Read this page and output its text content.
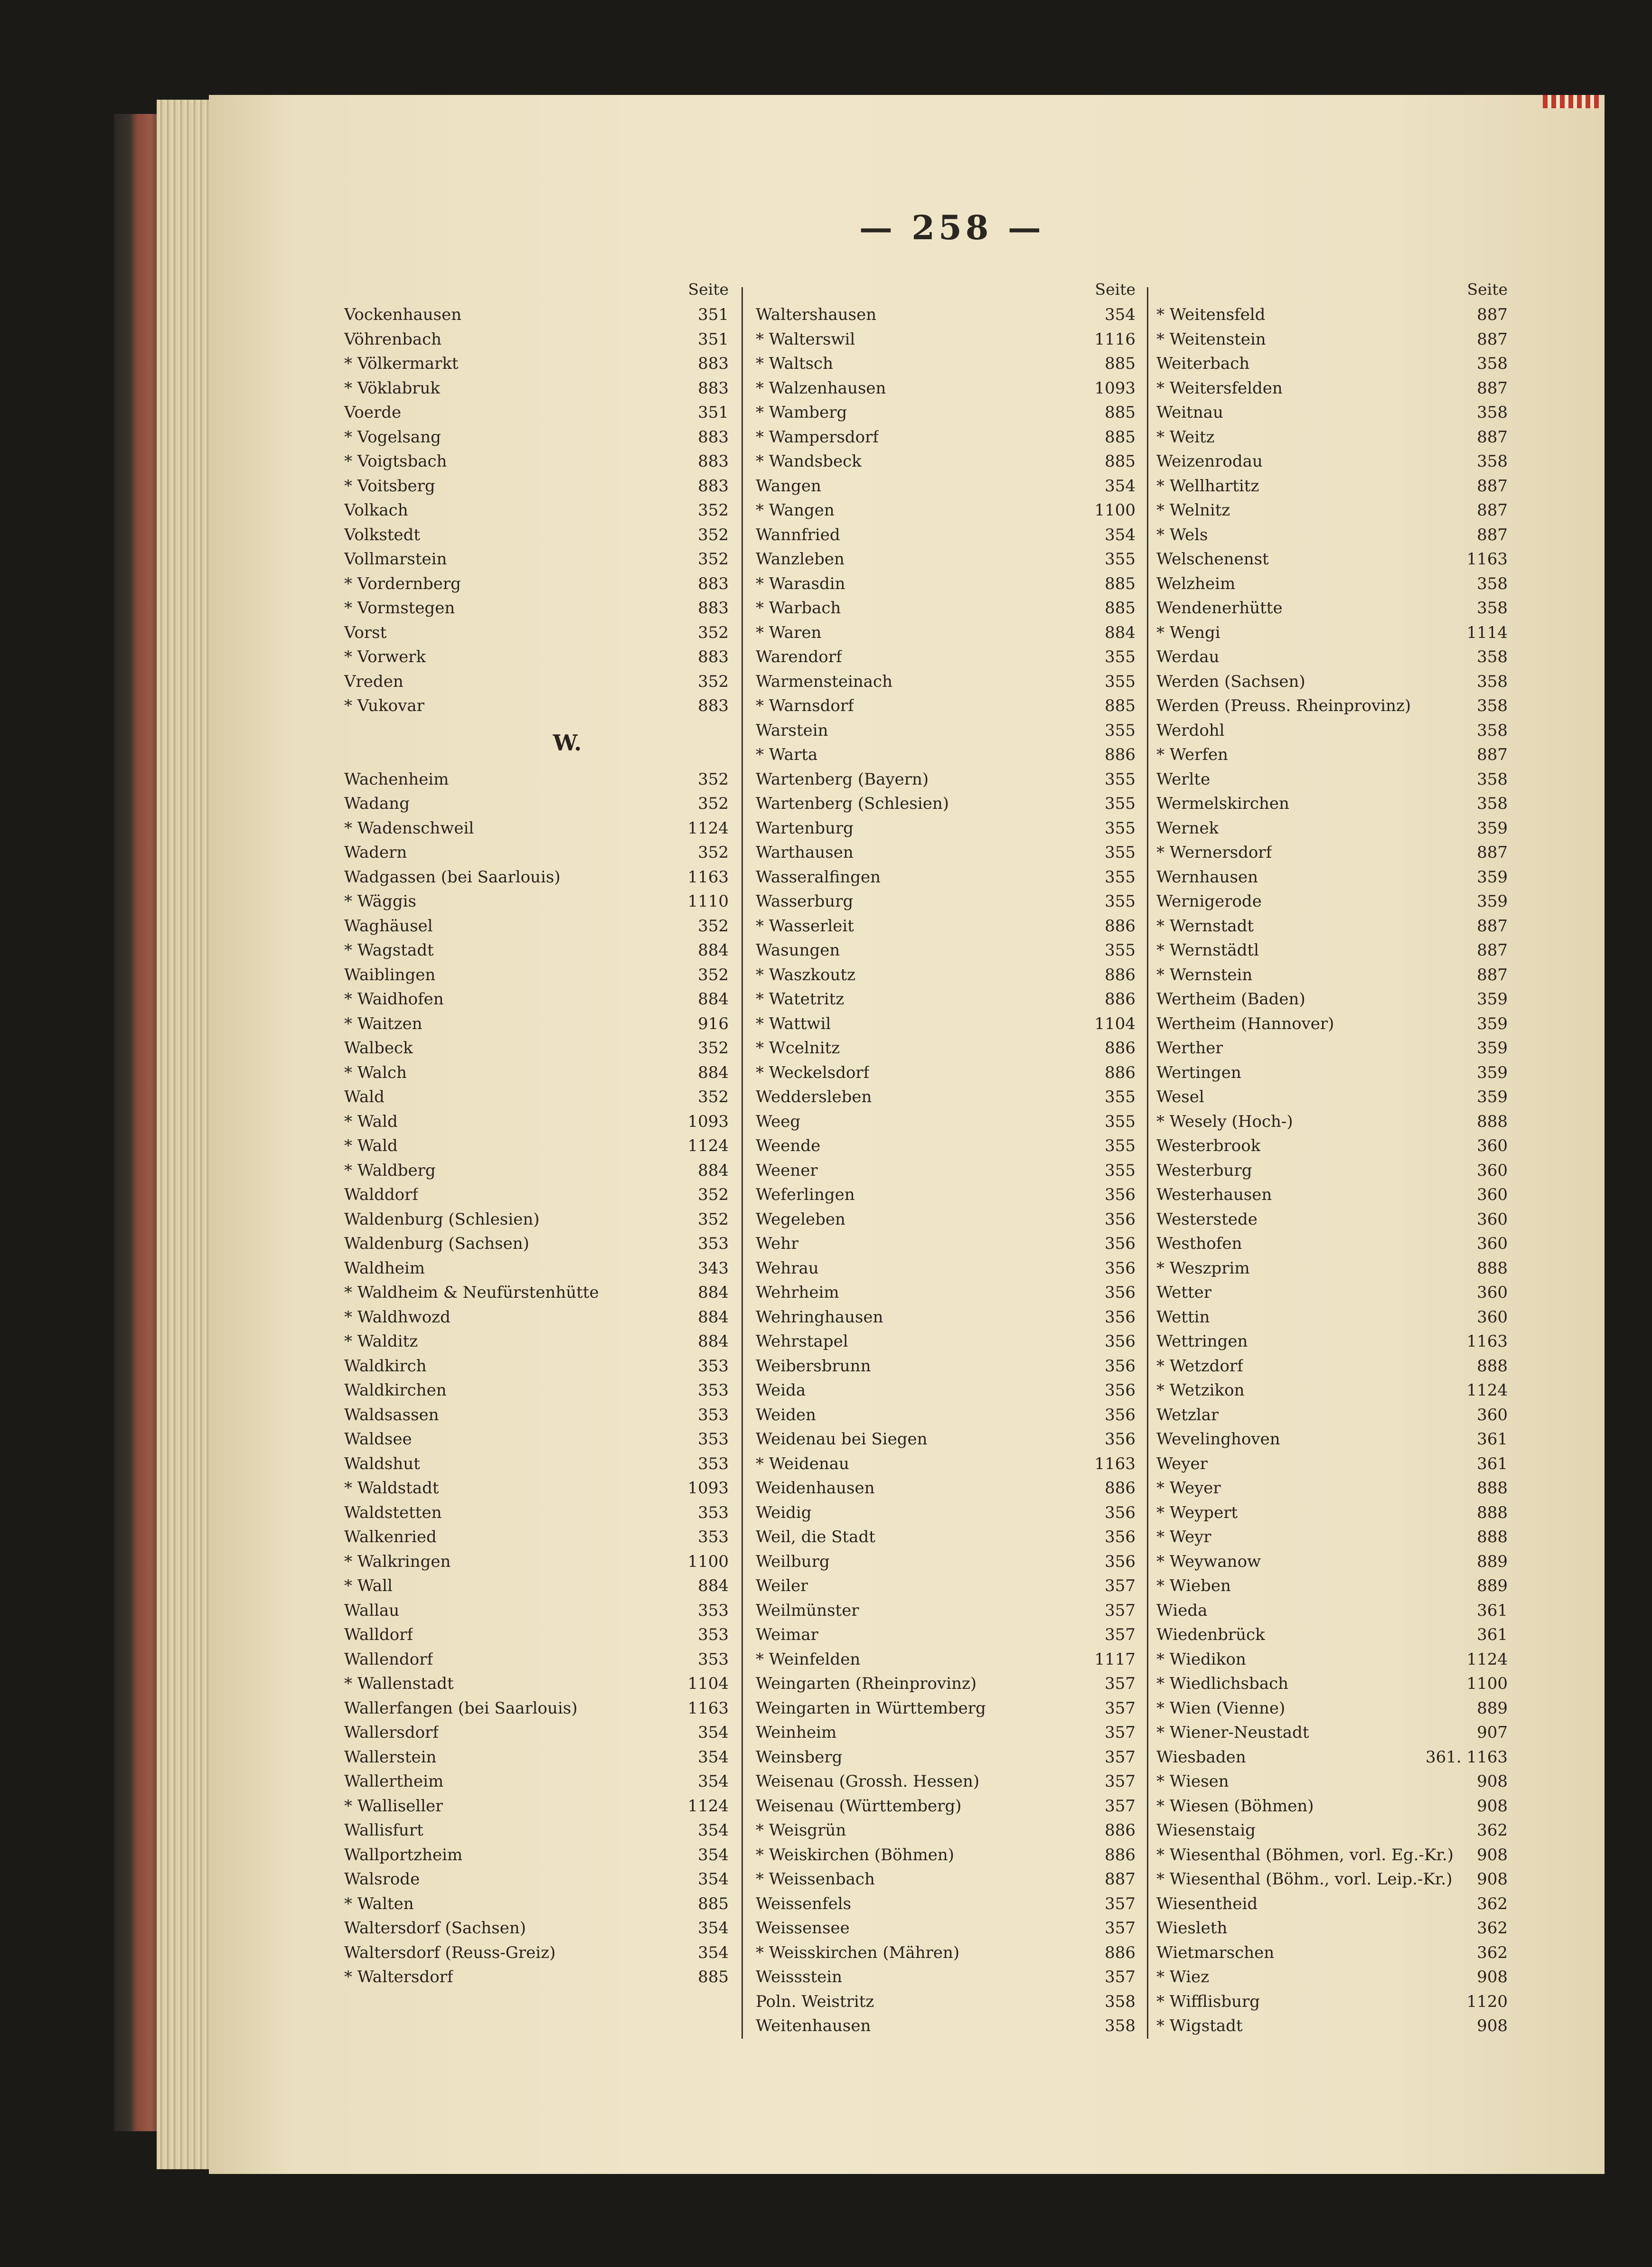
— 258 —
Seite
Vockenhausen	351
Vöhrenbach	351
* Völkermarkt	883
* Vöklabruk	883
Voerde	351
* Vogelsang	883
* Voigtsbach	883
* Voitsberg	883
Volkach	352
Volkstedt	352
Vollmarstein	352
* Vordernberg	883
* Vormstegen	883
Vorst	352
* Vorwerk	883
Vreden	352
* Vukovar	883
W.
Wachenheim	352
Wadang	352
* Wadenschweil	1124
Wadern	352
Wadgassen (bei Saarlouis)	1163
* Wäggis	1110
Waghäusel	352
* Wagstadt	884
Waiblingen	352
* Waidhofen	884
* Waitzen	916
Walbeck	352
* Walch	884
Wald	352
* Wald	1093
* Wald	1124
* Waldberg	884
Walddorf	352
Waldenburg (Schlesien)	352
Waldenburg (Sachsen)	353
Waldheim	343
* Waldheim & Neufürstenhütte	884
* Waldhwozd	884
* Walditz	884
Waldkirch	353
Waldkirchen	353
Waldsassen	353
Waldsee	353
Waldshut	353
* Waldstadt	1093
Waldstetten	353
Walkenried	353
* Walkringen	1100
* Wall	884
Wallau	353
Walldorf	353
Wallendorf	353
* Wallenstadt	1104
Wallerfangen (bei Saarlouis)	1163
Wallersdorf	354
Wallerstein	354
Wallertheim	354
* Walliseller	1124
Wallisfurt	354
Wallportzheim	354
Walsrode	354
* Walten	885
Waltersdorf (Sachsen)	354
Waltersdorf (Reuss-Greiz)	354
* Waltersdorf	885
Seite
Waltershausen	354
* Walterswil	1116
* Waltsch	885
* Walzenhausen	1093
* Wamberg	885
* Wampersdorf	885
* Wandsbeck	885
Wangen	354
* Wangen	1100
Wannfried	354
Wanzleben	355
* Warasdin	885
* Warbach	885
* Waren	884
Warendorf	355
Warmensteinach	355
* Warnsdorf	885
Warstein	355
* Warta	886
Wartenberg (Bayern)	355
Wartenberg (Schlesien)	355
Wartenburg	355
Warthausen	355
Wasseralfingen	355
Wasserburg	355
* Wasserleit	886
Wasungen	355
* Waszkoutz	886
* Watetritz	886
* Wattwil	1104
* Wcelnitz	886
* Weckelsdorf	886
Weddersleben	355
Weeg	355
Weende	355
Weener	355
Weferlingen	356
Wegeleben	356
Wehr	356
Wehrau	356
Wehrheim	356
Wehringhausen	356
Wehrstapel	356
Weibersbrunn	356
Weida	356
Weiden	356
Weidenau bei Siegen	356
* Weidenau	1163
Weidenhausen	886
Weidig	356
Weil, die Stadt	356
Weilburg	356
Weiler	357
Weilmünster	357
Weimar	357
* Weinfelden	1117
Weingarten (Rheinprovinz)	357
Weingarten in Württemberg	357
Weinheim	357
Weinsberg	357
Weisenau (Grossh. Hessen)	357
Weisenau (Württemberg)	357
* Weisgrün	886
* Weiskirchen (Böhmen)	886
* Weissenbach	887
Weissenfels	357
Weissensee	357
* Weisskirchen (Mähren)	886
Weissstein	357
Poln. Weistritz	358
Weitenhausen	358
Seite
* Weitensfeld	887
* Weitenstein	887
Weiterbach	358
* Weitersfelden	887
Weitnau	358
* Weitz	887
Weizenrodau	358
* Wellhartitz	887
* Welnitz	887
* Wels	887
Welschenenst	1163
Welzheim	358
Wendenerhütte	358
* Wengi	1114
Werdau	358
Werden (Sachsen)	358
Werden (Preuss. Rheinprovinz)	358
Werdohl	358
* Werfen	887
Werlte	358
Wermelskirchen	358
Wernek	359
* Wernersdorf	887
Wernhausen	359
Wernigerode	359
* Wernstadt	887
* Wernstädtl	887
* Wernstein	887
Wertheim (Baden)	359
Wertheim (Hannover)	359
Werther	359
Wertingen	359
Wesel	359
* Wesely (Hoch-)	888
Westerbrook	360
Westerburg	360
Westerhausen	360
Westerstede	360
Westhofen	360
* Weszprim	888
Wetter	360
Wettin	360
Wettringen	1163
* Wetzdorf	888
* Wetzikon	1124
Wetzlar	360
Wevelinghoven	361
Weyer	361
* Weyer	888
* Weypert	888
* Weyr	888
* Weywanow	889
* Wieben	889
Wieda	361
Wiedenbrück	361
* Wiedikon	1124
* Wiedlichsbach	1100
* Wien (Vienne)	889
* Wiener-Neustadt	907
Wiesbaden	361. 1163
* Wiesen	908
* Wiesen (Böhmen)	908
Wiesenstaig	362
* Wiesenthal (Böhmen, vorl. Eg.-Kr.) 908
* Wiesenthal (Böhm., vorl. Leip.-Kr.) 908
Wiesentheid	362
Wiesleth	362
Wietmarschen	362
* Wiez	908
* Wifflisburg	1120
* Wigstadt	908
